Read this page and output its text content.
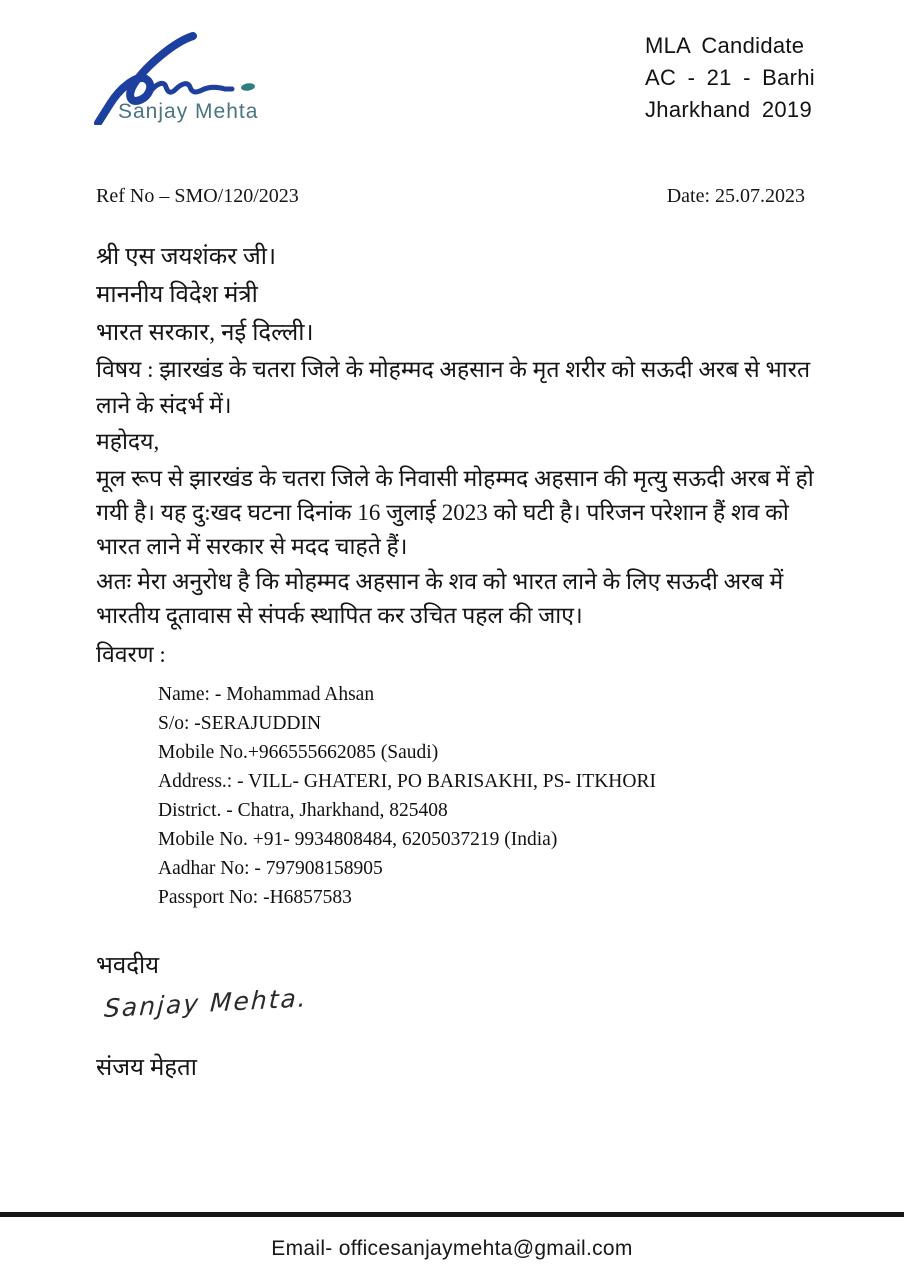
Sanjay Mehta
MLA Candidate
AC - 21 - Barhi
Jharkhand 2019
Ref No – SMO/120/2023	Date: 25.07.2023
श्री एस जयशंकर जी।
माननीय विदेश मंत्री
भारत सरकार, नई दिल्ली।
विषय : झारखंड के चतरा जिले के मोहम्मद अहसान के मृत शरीर को सऊदी अरब से भारत लाने के संदर्भ में।
महोदय,
मूल रूप से झारखंड के चतरा जिले के निवासी मोहम्मद अहसान की मृत्यु सऊदी अरब में हो गयी है। यह दु:खद घटना दिनांक 16 जुलाई 2023 को घटी है। परिजन परेशान हैं शव को भारत लाने में सरकार से मदद चाहते हैं।
अतः मेरा अनुरोध है कि मोहम्मद अहसान के शव को भारत लाने के लिए सऊदी अरब में भारतीय दूतावास से संपर्क स्थापित कर उचित पहल की जाए।
विवरण :
Name: - Mohammad Ahsan
S/o: -SERAJUDDIN
Mobile No.+966555662085 (Saudi)
Address.: - VILL- GHATERI, PO BARISAKHI, PS- ITKHORI
District. - Chatra, Jharkhand, 825408
Mobile No. +91- 9934808484, 6205037219 (India)
Aadhar No: - 797908158905
Passport No: -H6857583
भवदीय
Sanjay Mehta.
संजय मेहता
Email- officesanjaymehta@gmail.com
